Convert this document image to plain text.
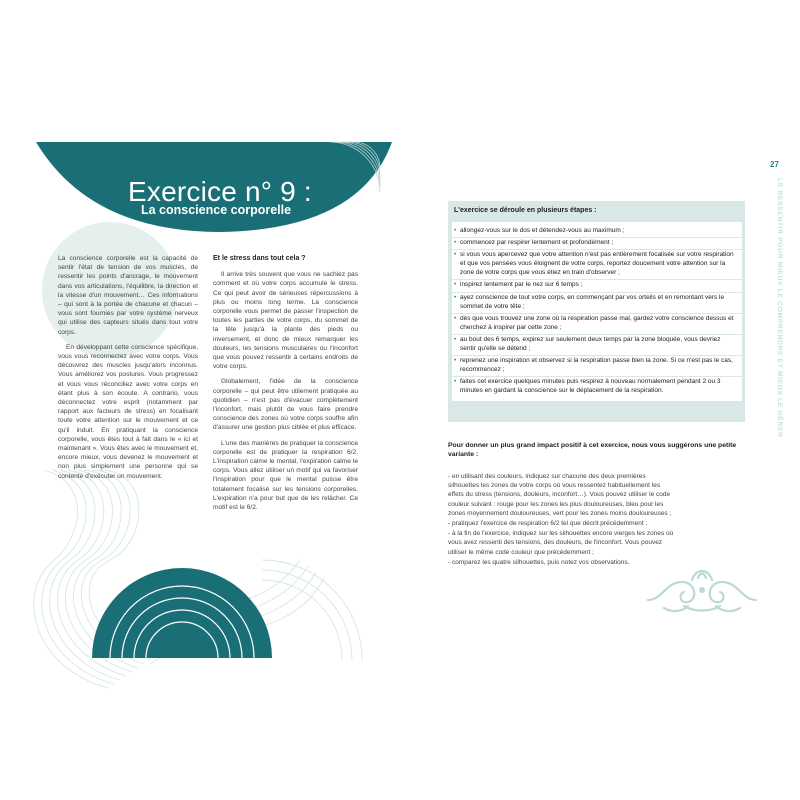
Exercice n° 9 :
La conscience corporelle

La conscience corporelle est la capacité de sentir l'état de tension de vos muscles, de ressentir les points d'ancrage, le mouvement dans vos articulations, l'équilibre, la direction et la vitesse d'un mouvement… Ces informations – qui sont à la portée de chacune et chacun – vous sont fournies par votre système nerveux qui utilise des capteurs situés dans tout votre corps.

En développant cette conscience spécifique, vous vous reconnectez avec votre corps. Vous découvrez des muscles jusqu'alors inconnus. Vous améliorez vos postures. Vous progressez et vous vous réconciliez avec votre corps en étant plus à son écoute. A contrario, vous déconnectez votre esprit (notamment par rapport aux facteurs de stress) en focalisant toute votre attention sur le mouvement et ce qu'il induit. En pratiquant la conscience corporelle, vous êtes tout à fait dans le « ici et maintenant ». Vous êtes avec le mouvement et, encore mieux, vous devenez le mouvement et non plus simplement une personne qui se contente d'exécuter un mouvement.

Et le stress dans tout cela ?

Il arrive très souvent que vous ne sachiez pas comment et où votre corps accumule le stress. Ce qui peut avoir de sérieuses répercussions à plus ou moins long terme. La conscience corporelle vous permet de passer l'inspection de toutes les parties de votre corps, du sommet de la tête jusqu'à la plante des pieds ou inversement, et donc de mieux remarquer les douleurs, les tensions musculaires ou l'inconfort que vous pouvez ressentir à certains endroits de votre corps.

Globalement, l'idée de la conscience corporelle – qui peut être utilement pratiquée au quotidien – n'est pas d'évacuer complètement l'inconfort, mais plutôt de vous faire prendre conscience des zones où votre corps souffre afin d'assurer une gestion plus ciblée et plus efficace.

L'une des manières de pratiquer la conscience corporelle est de pratiquer la respiration 6/2. L'inspiration calme le mental, l'expiration calme le corps. Vous allez utiliser un motif qui va favoriser l'inspiration pour que le mental puisse être totalement focalisé sur les tensions corporelles. L'expiration n'a pour but que de les relâcher. Ce motif est le 6/2.

27
LE RESSENTIR POUR MIEUX LE COMPRENDRE ET MIEUX LE GÉRER
L'exercice se déroule en plusieurs étapes :
• allongez-vous sur le dos et détendez-vous au maximum ;
• commencez par respirer lentement et profondément ;
• si vous vous apercevez que votre attention n'est pas entièrement focalisée sur votre respiration et que vos pensées vous éloignent de votre corps, reportez doucement votre attention sur la zone de votre corps que vous étiez en train d'observer ;
• inspirez lentement par le nez sur 6 temps ;
• ayez conscience de tout votre corps, en commençant par vos orteils et en remontant vers le sommet de votre tête ;
• dès que vous trouvez une zone où la respiration passe mal, gardez votre conscience dessus et cherchez à inspirer par cette zone ;
• au bout des 6 temps, expirez sur seulement deux temps par la zone bloquée, vous devriez sentir qu'elle se détend ;
• reprenez une inspiration et observez si la respiration passe bien la zone. Si ce n'est pas le cas, recommencez ;
• faites cet exercice quelques minutes puis respirez à nouveau normalement pendant 2 ou 3 minutes en gardant la conscience sur le déplacement de la respiration.
Pour donner un plus grand impact positif à cet exercice, nous vous suggérons une petite variante :

- en utilisant des couleurs, indiquez sur chacune des deux premières silhouettes les zones de votre corps où vous ressentez habituellement les effets du stress (tensions, douleurs, inconfort…). Vous pouvez utiliser le code couleur suivant : rouge pour les zones les plus douloureuses, bleu pour les zones moyennement douloureuses, vert pour les zones moins douloureuses ;

- pratiquez l'exercice de respiration 6/2 tel que décrit précédemment ;

- à la fin de l'exercice, indiquez sur les silhouettes encore vierges les zones où vous avez ressenti des tensions, des douleurs, de l'inconfort. Vous pouvez utiliser le même code couleur que précédemment ;

- comparez les quatre silhouettes, puis notez vos observations.
